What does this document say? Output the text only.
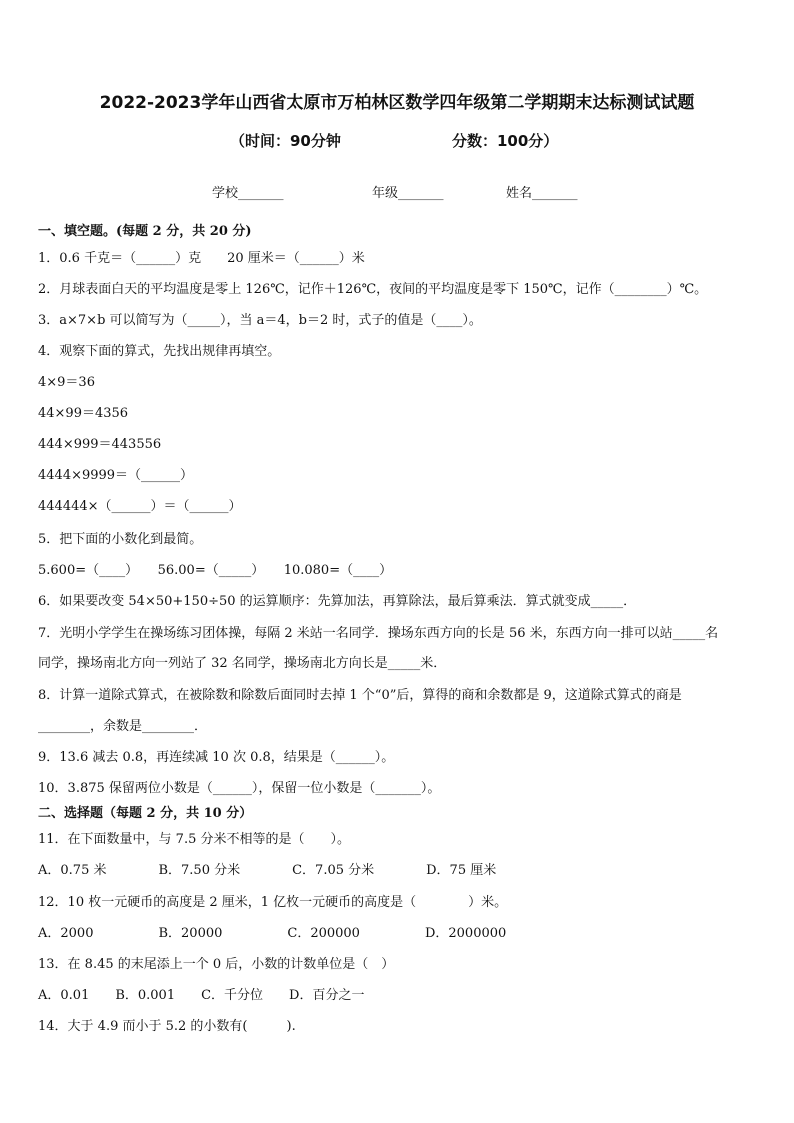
2022-2023学年山西省太原市万柏林区数学四年级第二学期期末达标测试试题
（时间：90分钟	分数：100分）
学校_______	年级_______	姓名_______
一、填空题。(每题 2 分，共 20 分)
1．0.6 千克＝（______）克　　20 厘米＝（______）米
2．月球表面白天的平均温度是零上 126℃，记作＋126℃，夜间的平均温度是零下 150℃，记作（________）℃。
3．a×7×b 可以简写为（_____），当 a＝4，b＝2 时，式子的值是（____）。
4．观察下面的算式，先找出规律再填空。
4×9＝36
44×99＝4356
444×999＝443556
4444×9999＝（______）
444444×（______）＝（______）
5．把下面的小数化到最简。
5.600=（____）　　56.00=（_____）　　10.080=（____）
6．如果要改变 54×50+150÷50 的运算顺序：先算加法，再算除法，最后算乘法．算式就变成_____．
7．光明小学学生在操场练习团体操，每隔 2 米站一名同学．操场东西方向的长是 56 米，东西方向一排可以站_____名
同学，操场南北方向一列站了 32 名同学，操场南北方向长是_____米．
8．计算一道除式算式，在被除数和除数后面同时去掉 1 个“0”后，算得的商和余数都是 9，这道除式算式的商是
________，余数是________．
9．13.6 减去 0.8，再连续减 10 次 0.8，结果是（______）。
10．3.875 保留两位小数是（______），保留一位小数是（_______）。
二、选择题（每题 2 分，共 10 分）
11．在下面数量中，与 7.5 分米不相等的是（　　）。
A．0.75 米　　　　B．7.50 分米　　　　C．7.05 分米　　　　D．75 厘米
12．10 枚一元硬币的高度是 2 厘米，1 亿枚一元硬币的高度是（　　　　）米。
A．2000　　　　　B．20000　　　　　C．200000　　　　　D．2000000
13．在 8.45 的末尾添上一个 0 后，小数的计数单位是（　）
A．0.01　　B．0.001　　C．千分位　　D．百分之一
14．大于 4.9 而小于 5.2 的小数有(　　　).
